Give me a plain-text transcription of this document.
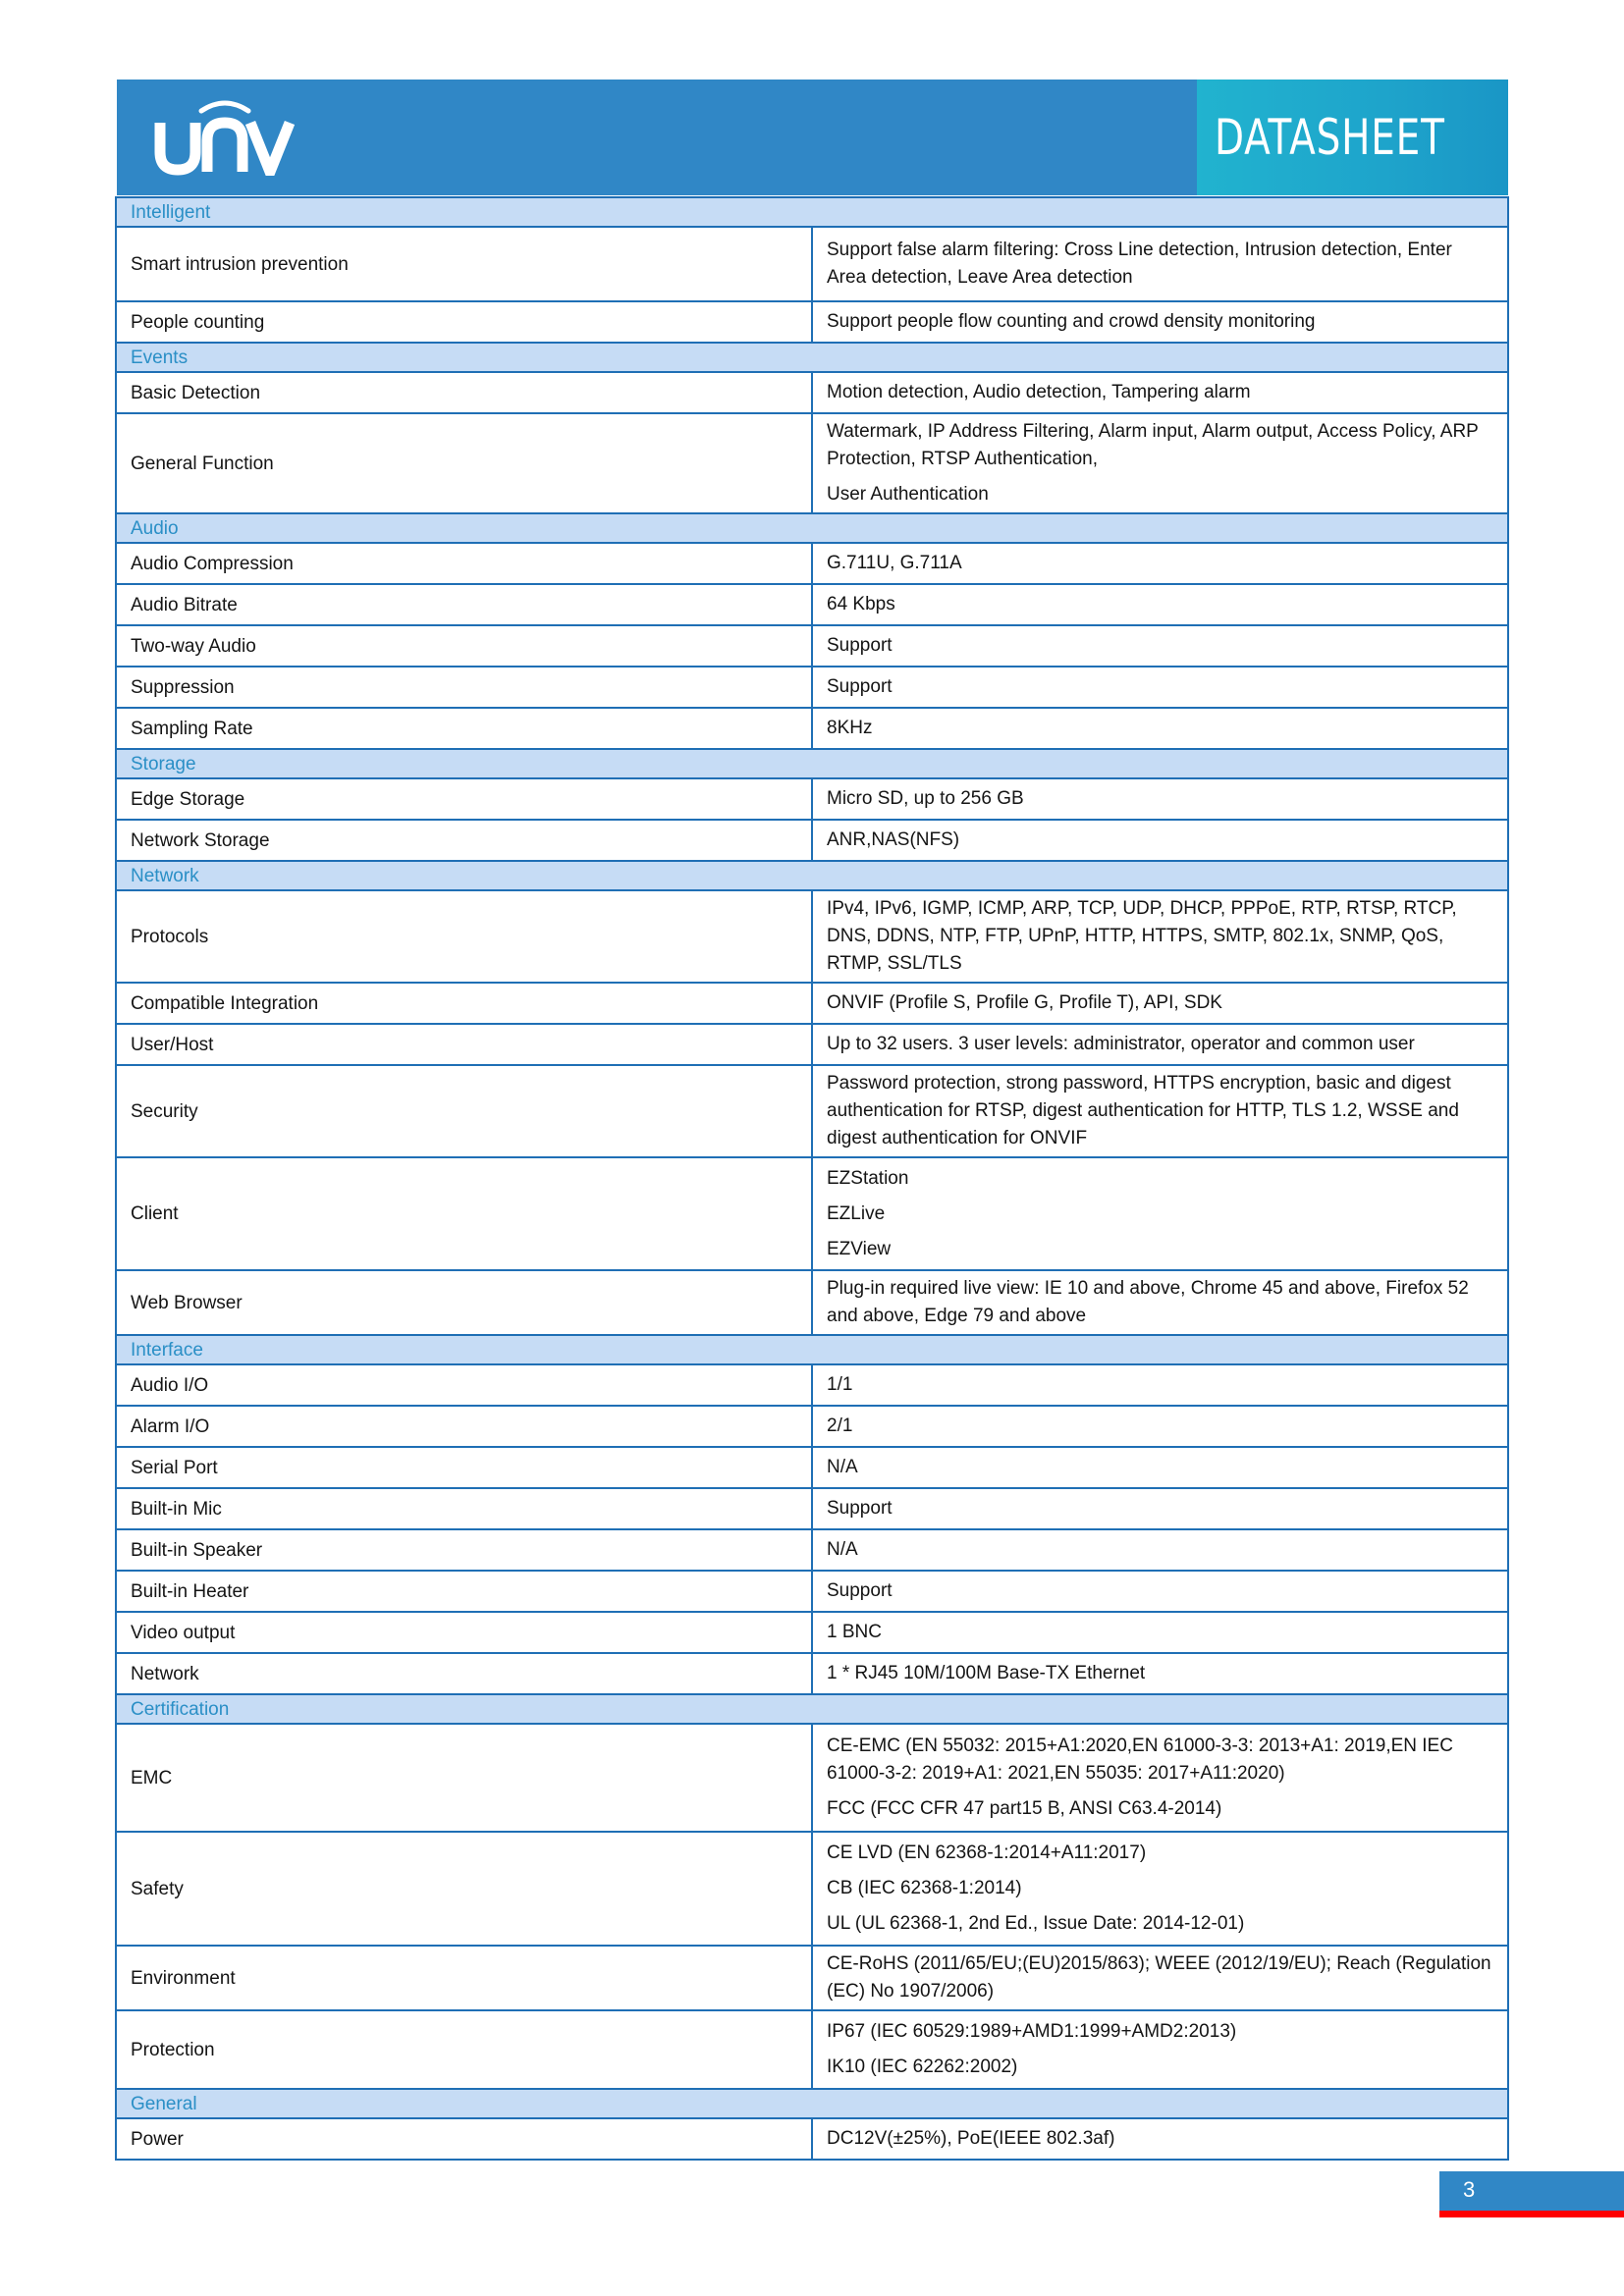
DATASHEET
Intelligent	
Smart intrusion prevention	Support false alarm filtering: Cross Line detection, Intrusion detection, Enter Area detection, Leave Area detection

People counting	Support people flow counting and crowd density monitoring

Events	
Basic Detection	Motion detection, Audio detection, Tampering alarm

General Function	Watermark, IP Address Filtering, Alarm input, Alarm output, Access Policy, ARP Protection, RTSP Authentication,
User Authentication

Audio	
Audio Compression	G.711U, G.711A

Audio Bitrate	64 Kbps

Two-way Audio	Support

Suppression	Support

Sampling Rate	8KHz

Storage	
Edge Storage	Micro SD, up to 256 GB

Network Storage	ANR,NAS(NFS)

Network	
Protocols	IPv4, IPv6, IGMP, ICMP, ARP, TCP, UDP, DHCP, PPPoE, RTP, RTSP, RTCP, DNS, DDNS, NTP, FTP, UPnP, HTTP, HTTPS, SMTP, 802.1x, SNMP, QoS, RTMP, SSL/TLS

Compatible Integration	ONVIF (Profile S, Profile G, Profile T), API, SDK

User/Host	Up to 32 users. 3 user levels: administrator, operator and common user

Security	Password protection, strong password, HTTPS encryption, basic and digest authentication for RTSP, digest authentication for HTTP, TLS 1.2, WSSE and digest authentication for ONVIF

Client	EZStation
EZLive
EZView

Web Browser	Plug-in required live view: IE 10 and above, Chrome 45 and above, Firefox 52 and above, Edge 79 and above

Interface	
Audio I/O	1/1

Alarm I/O	2/1

Serial Port	N/A

Built-in Mic	Support

Built-in Speaker	N/A

Built-in Heater	Support

Video output	1 BNC

Network	1 * RJ45 10M/100M Base-TX Ethernet

Certification	
EMC	CE-EMC (EN 55032: 2015+A1:2020,EN 61000-3-3: 2013+A1: 2019,EN IEC 61000-3-2: 2019+A1: 2021,EN 55035: 2017+A11:2020)
FCC (FCC CFR 47 part15 B, ANSI C63.4-2014)

Safety	CE LVD (EN 62368-1:2014+A11:2017)
CB (IEC 62368-1:2014)
UL (UL 62368-1, 2nd Ed., Issue Date: 2014-12-01)

Environment	CE-RoHS (2011/65/EU;(EU)2015/863); WEEE (2012/19/EU); Reach (Regulation (EC) No 1907/2006)

Protection	IP67 (IEC 60529:1989+AMD1:1999+AMD2:2013)
IK10 (IEC 62262:2002)

General	
Power	DC12V(±25%), PoE(IEEE 802.3af)
3
